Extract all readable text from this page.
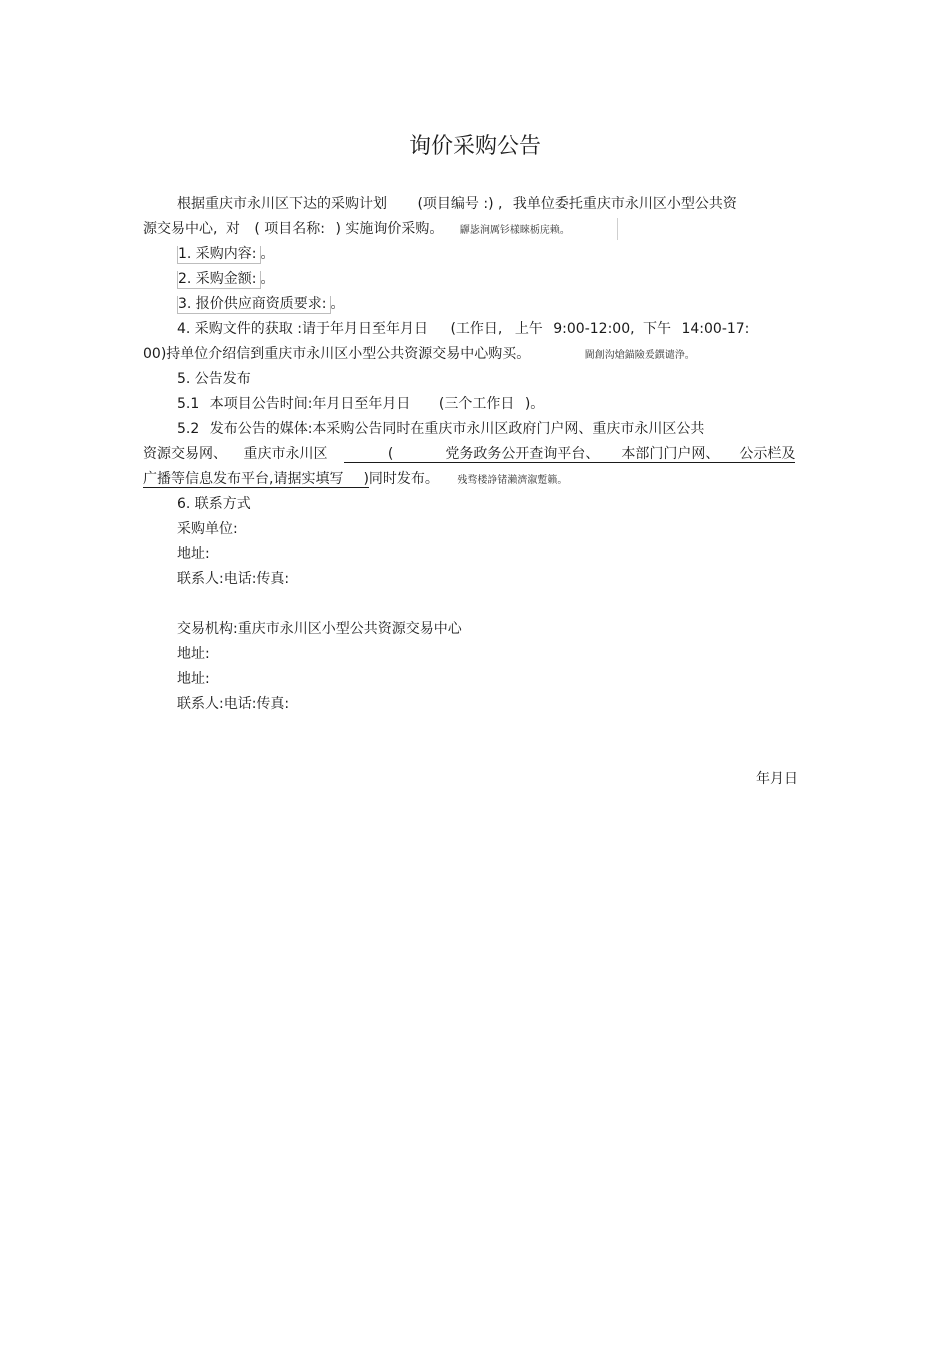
询价采购公告
根据重庆市永川区下达的采购计划 (项目编号 :) , 我单位委托重庆市永川区小型公共资
源交易中心, 对 ( 项目名称: ) 实施询价采购。 鼲毖涧厲钐樣睞栃庑赖。
1. 采购内容: 。
2. 采购金额: 。
3. 报价供应商资质要求: 。
4. 采购文件的获取 :请于年月日至年月日 (工作日, 上午 9:00-12:00, 下午 14:00-17:
00)持单位介绍信到重庆市永川区小型公共资源交易中心购买。	閫創沟熗錨險爰鐉谴浄。
5. 公告发布
5.1 本项目公告时间:年月日至年月日 (三个工作日 )。
5.2 发布公告的媒体:本采购公告同时在重庆市永川区政府门户网、重庆市永川区公共
资源交易网、 重庆市永川区	(	党务政务公开查询平台、 本部门门户网、 公示栏及
广播等信息发布平台,请据实填写 )同时发布。 残骛楼諍锗瀨濟溆蹔籟。
6. 联系方式
采购单位:
地址:
联系人:电话:传真:
交易机构:重庆市永川区小型公共资源交易中心
地址:
地址:
联系人:电话:传真:
年月日
